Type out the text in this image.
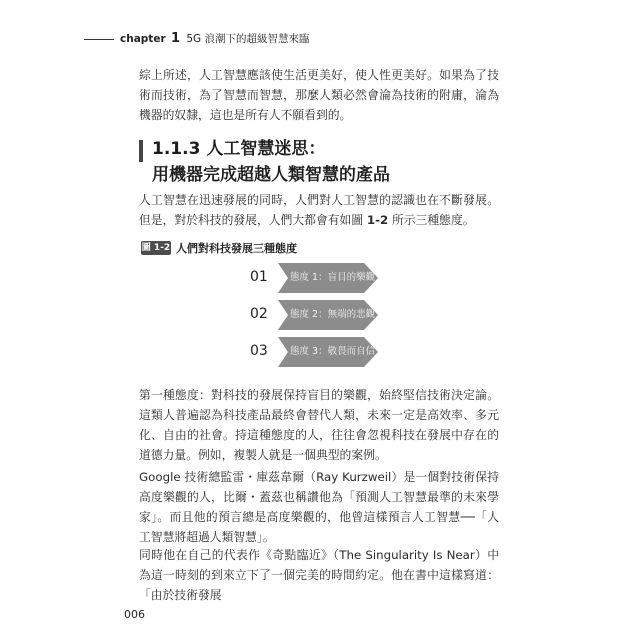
chapter 1 5G 浪潮下的超級智慧來臨
綜上所述，人工智慧應該使生活更美好，使人性更美好。如果為了技術而技術，為了智慧而智慧，那麼人類必然會淪為技術的附庸，淪為機器的奴隸，這也是所有人不願看到的。
1.1.3 人工智慧迷思：
用機器完成超越人類智慧的產品
人工智慧在迅速發展的同時，人們對人工智慧的認識也在不斷發展。但是，對於科技的發展，人們大都會有如圖 1-2 所示三種態度。
圖 1-2 人們對科技發展三種態度
01	態度 1：盲目的樂觀
02	態度 2：無端的悲觀
03	態度 3：敬畏而自信
第一種態度：對科技的發展保持盲目的樂觀，始終堅信技術決定論。這類人普遍認為科技產品最終會替代人類，未來一定是高效率、多元化、自由的社會。持這種態度的人，往往會忽視科技在發展中存在的道德力量。例如，複製人就是一個典型的案例。
Google 技術總監雷・庫茲韋爾（Ray Kurzweil）是一個對技術保持高度樂觀的人，比爾・蓋茲也稱讚他為「預測人工智慧最準的未來學家」。而且他的預言總是高度樂觀的，他曾這樣預言人工智慧──「人工智慧將超過人類智慧」。
同時他在自己的代表作《奇點臨近》（The Singularity Is Near）中為這一時刻的到來立下了一個完美的時間約定。他在書中這樣寫道：「由於技術發展
006
